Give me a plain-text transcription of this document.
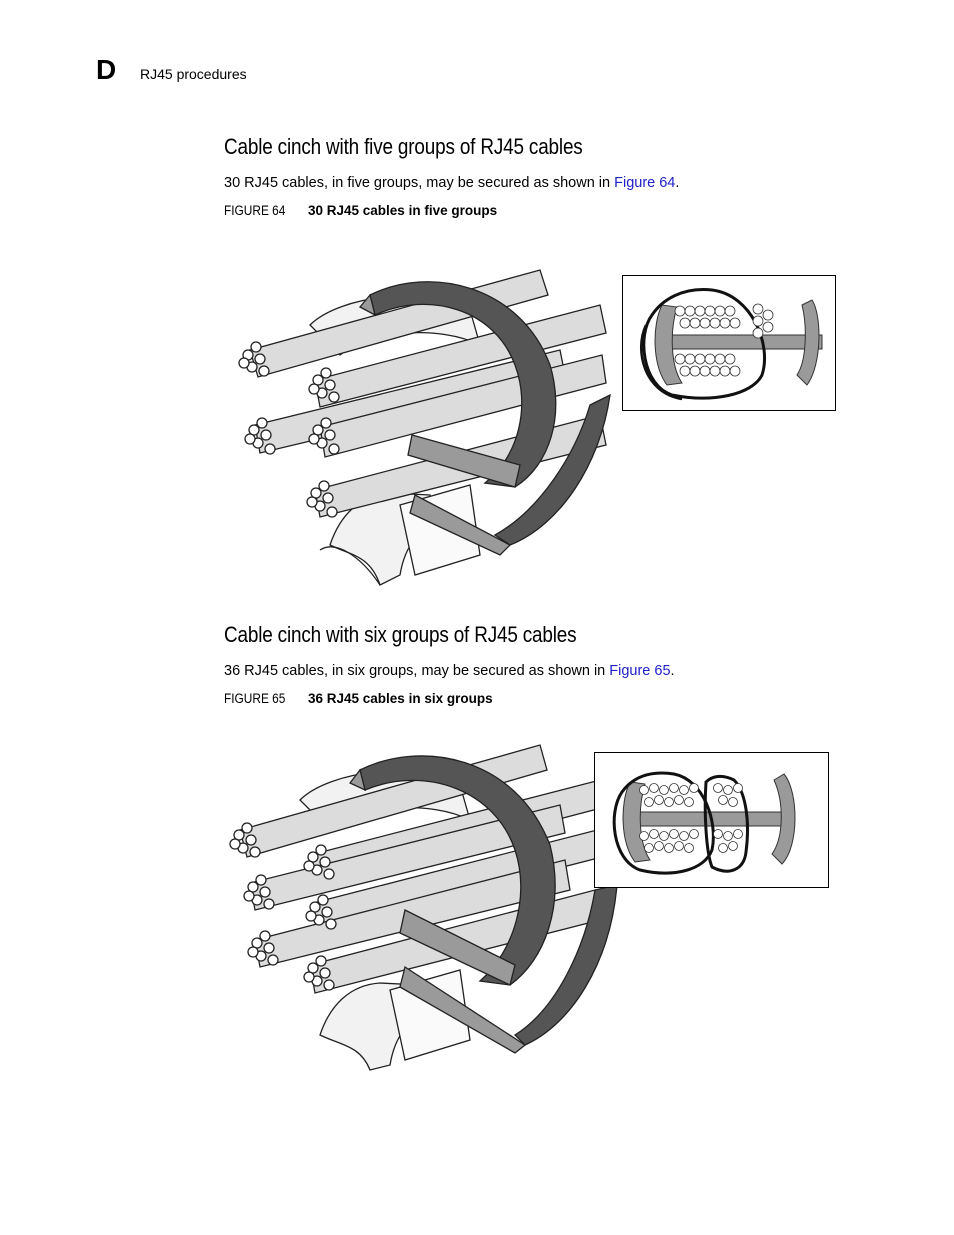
D RJ45 procedures
Cable cinch with five groups of RJ45 cables
30 RJ45 cables, in five groups, may be secured as shown in Figure 64.
FIGURE 64 30 RJ45 cables in five groups
Cable cinch with six groups of RJ45 cables
36 RJ45 cables, in six groups, may be secured as shown in Figure 65.
FIGURE 65 36 RJ45 cables in six groups
